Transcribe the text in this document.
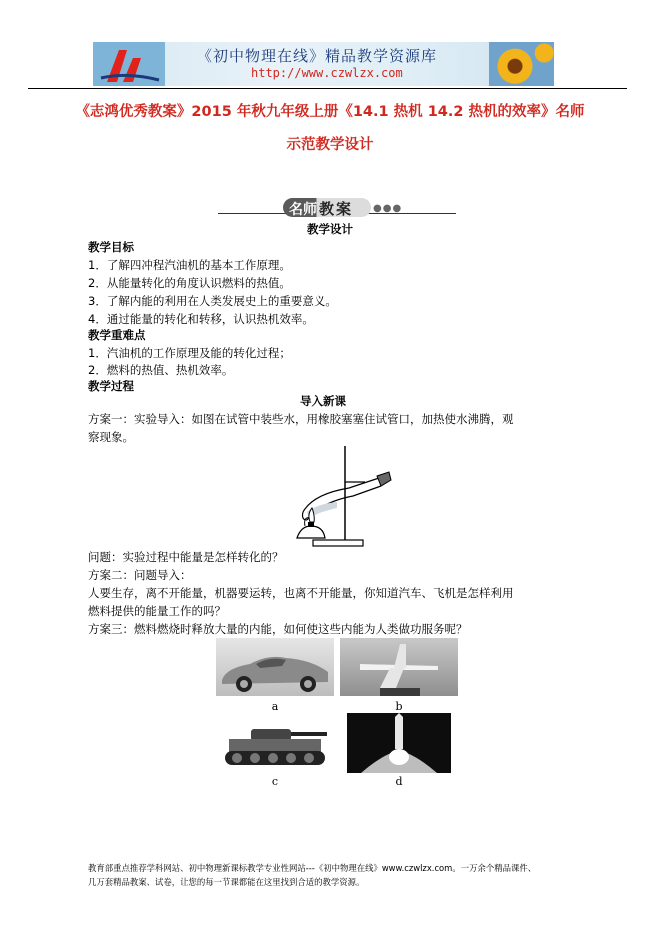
《初中物理在线》精品教学资源库
http://www.czwlzx.com
《志鸿优秀教案》2015 年秋九年级上册《14.1 热机 14.2 热机的效率》名师
示范教学设计
名师 教案 ●●●
教学设计
教学目标
1．了解四冲程汽油机的基本工作原理。
2．从能量转化的角度认识燃料的热值。
3．了解内能的利用在人类发展史上的重要意义。
4．通过能量的转化和转移，认识热机效率。
教学重难点
1．汽油机的工作原理及能的转化过程；
2．燃料的热值、热机效率。
教学过程
导入新课
方案一：实验导入：如图在试管中装些水，用橡胶塞塞住试管口，加热使水沸腾，观
察现象。
问题：实验过程中能量是怎样转化的？
方案二：问题导入：
人要生存，离不开能量，机器要运转，也离不开能量，你知道汽车、飞机是怎样利用
燃料提供的能量工作的吗？
方案三：燃料燃烧时释放大量的内能，如何使这些内能为人类做功服务呢？
a	b
c	d
教育部重点推荐学科网站、初中物理新课标教学专业性网站---《初中物理在线》www.czwlzx.com。一万余个精品课件、
几万套精品教案、试卷，让您的每一节课都能在这里找到合适的教学资源。
